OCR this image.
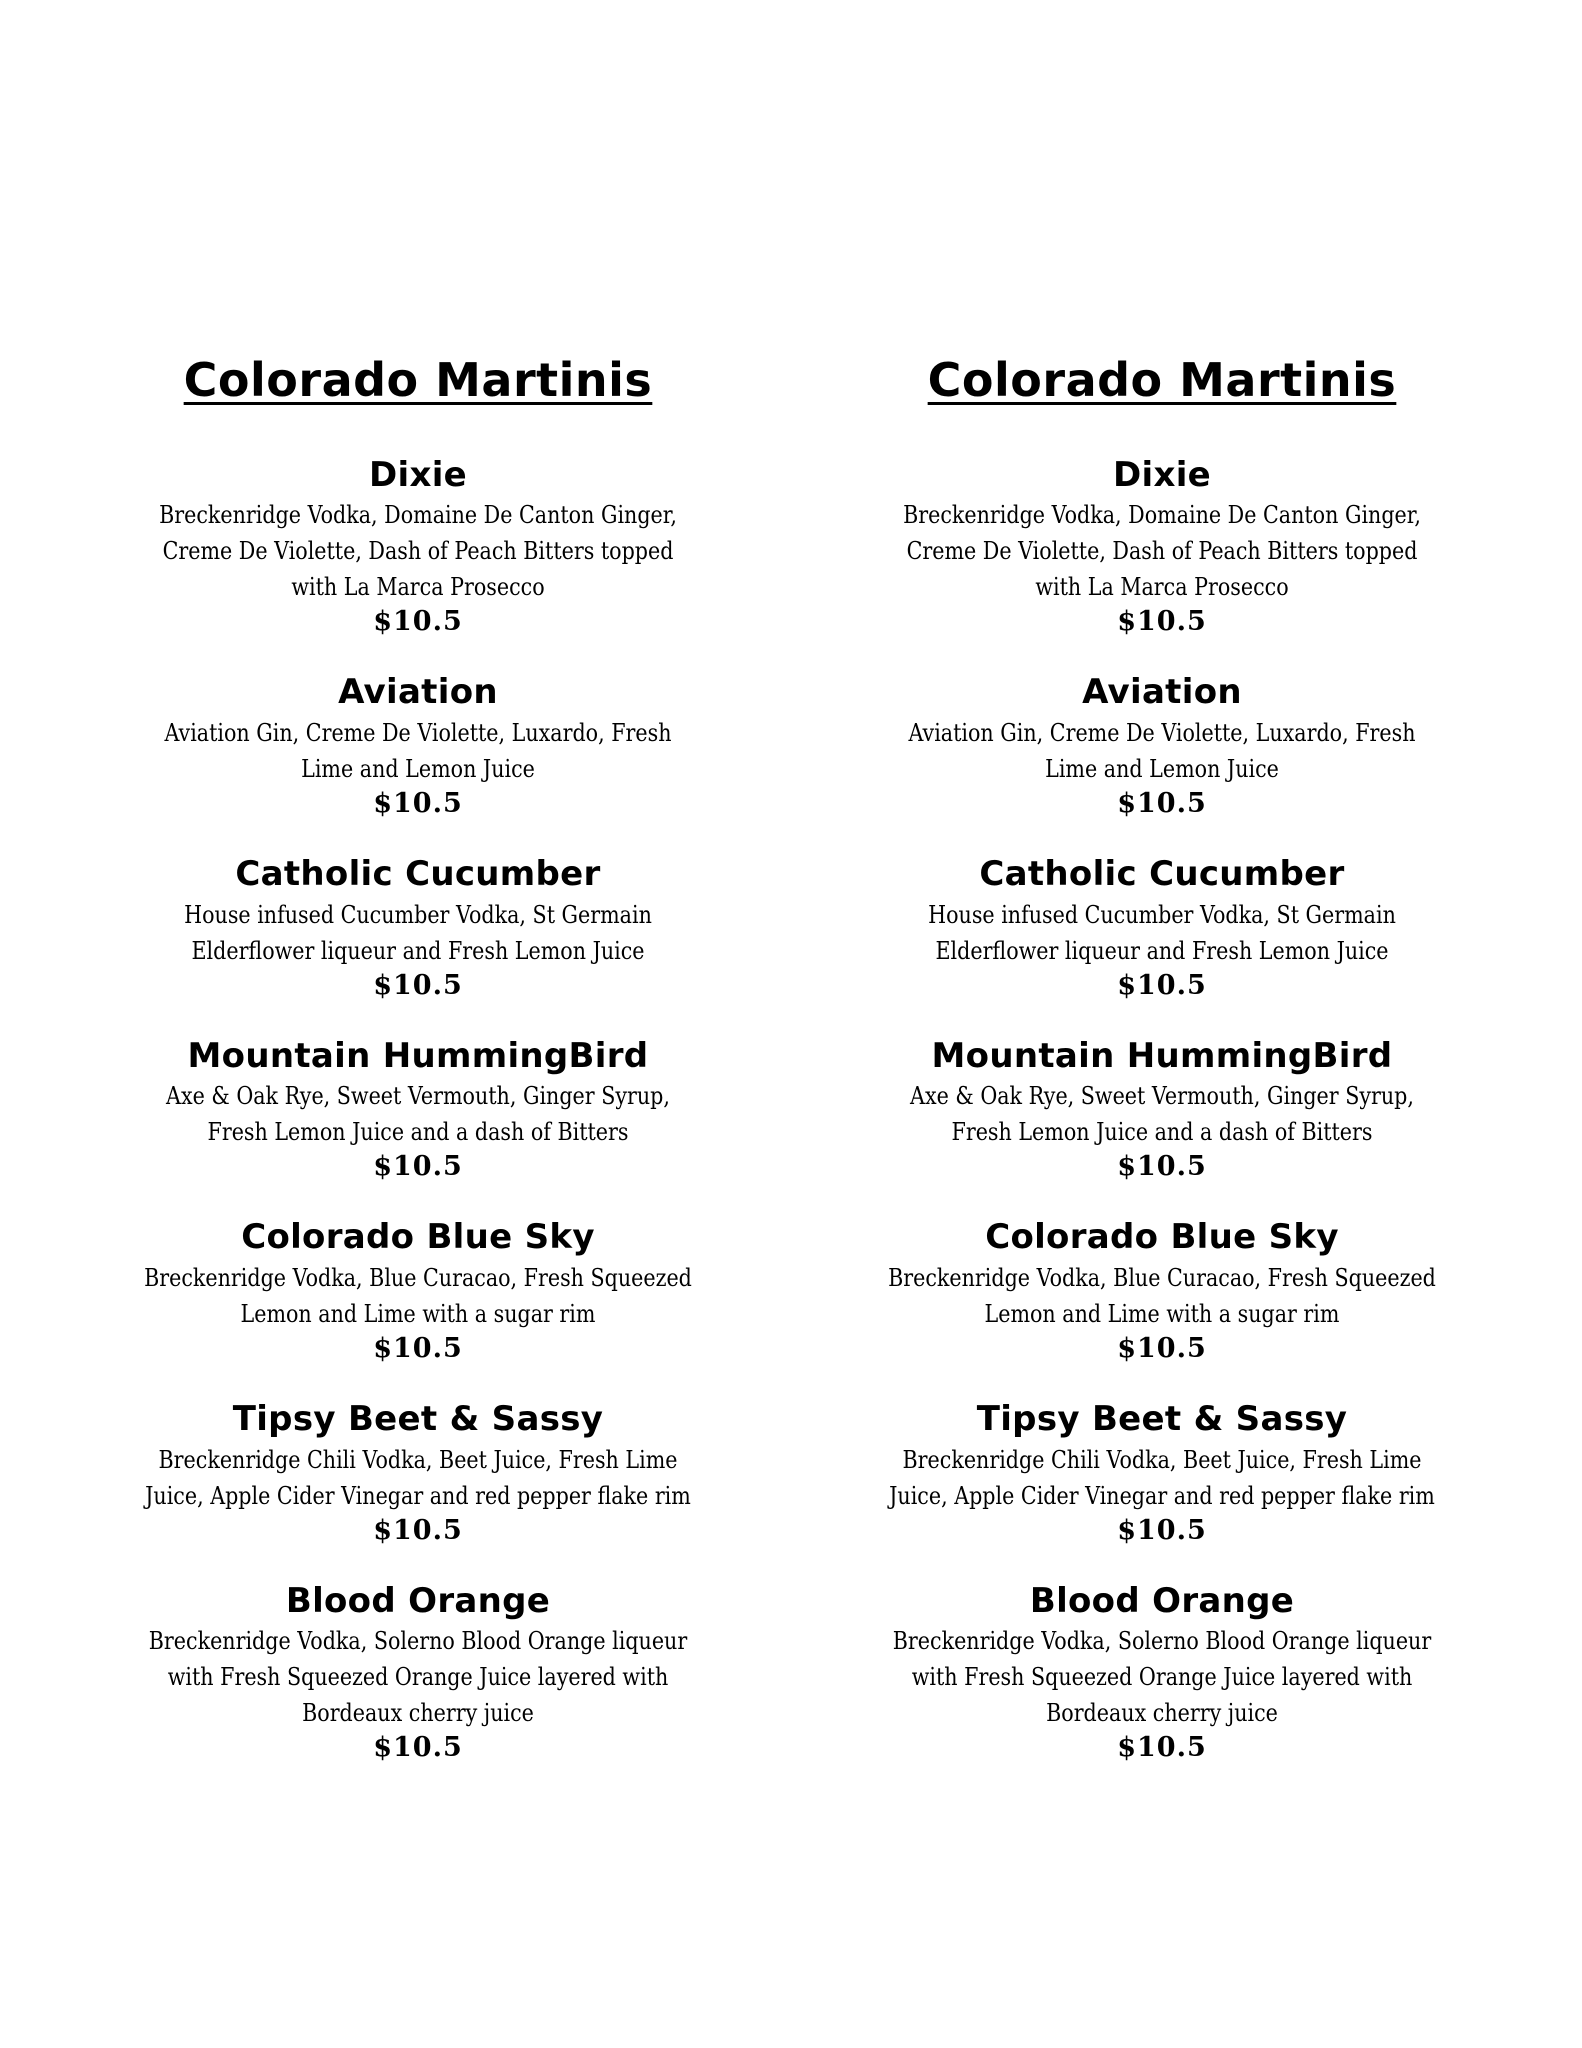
Colorado Martinis
Dixie
Breckenridge Vodka, Domaine De Canton Ginger, Creme De Violette, Dash of Peach Bitters topped with La Marca Prosecco
$10.5
Aviation
Aviation Gin, Creme De Violette, Luxardo, Fresh Lime and Lemon Juice
$10.5
Catholic Cucumber
House infused Cucumber Vodka, St Germain Elderflower liqueur and Fresh Lemon Juice
$10.5
Mountain HummingBird
Axe & Oak Rye, Sweet Vermouth, Ginger Syrup, Fresh Lemon Juice and a dash of Bitters
$10.5
Colorado Blue Sky
Breckenridge Vodka, Blue Curacao, Fresh Squeezed Lemon and Lime with a sugar rim
$10.5
Tipsy Beet & Sassy
Breckenridge Chili Vodka, Beet Juice, Fresh Lime Juice, Apple Cider Vinegar and red pepper flake rim
$10.5
Blood Orange
Breckenridge Vodka, Solerno Blood Orange liqueur with Fresh Squeezed Orange Juice layered with Bordeaux cherry juice
$10.5
Colorado Martinis
Dixie
Breckenridge Vodka, Domaine De Canton Ginger, Creme De Violette, Dash of Peach Bitters topped with La Marca Prosecco
$10.5
Aviation
Aviation Gin, Creme De Violette, Luxardo, Fresh Lime and Lemon Juice
$10.5
Catholic Cucumber
House infused Cucumber Vodka, St Germain Elderflower liqueur and Fresh Lemon Juice
$10.5
Mountain HummingBird
Axe & Oak Rye, Sweet Vermouth, Ginger Syrup, Fresh Lemon Juice and a dash of Bitters
$10.5
Colorado Blue Sky
Breckenridge Vodka, Blue Curacao, Fresh Squeezed Lemon and Lime with a sugar rim
$10.5
Tipsy Beet & Sassy
Breckenridge Chili Vodka, Beet Juice, Fresh Lime Juice, Apple Cider Vinegar and red pepper flake rim
$10.5
Blood Orange
Breckenridge Vodka, Solerno Blood Orange liqueur with Fresh Squeezed Orange Juice layered with Bordeaux cherry juice
$10.5
